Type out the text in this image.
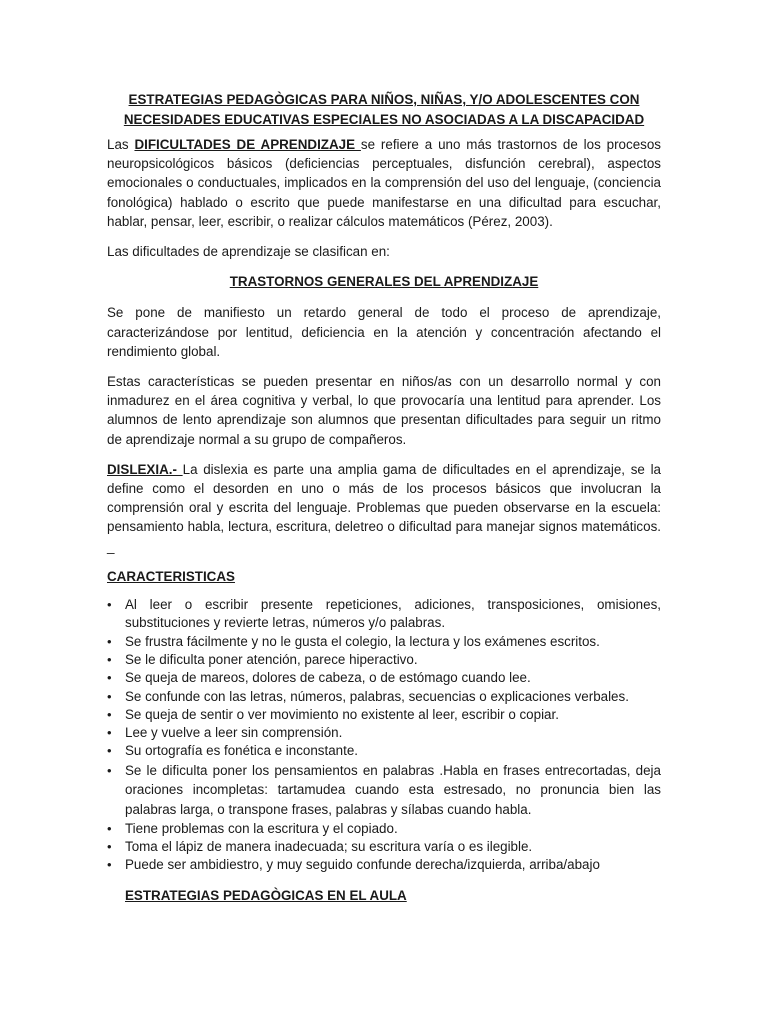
ESTRATEGIAS PEDAGÒGICAS PARA NIÑOS, NIÑAS, Y/O ADOLESCENTES CON
NECESIDADES EDUCATIVAS ESPECIALES NO ASOCIADAS A LA DISCAPACIDAD

Las DIFICULTADES DE APRENDIZAJE se refiere a uno más trastornos de los procesos neuropsicológicos básicos (deficiencias perceptuales, disfunción cerebral), aspectos emocionales o conductuales, implicados en la comprensión del uso del lenguaje, (conciencia fonológica) hablado o escrito que puede manifestarse en una dificultad para escuchar, hablar, pensar, leer, escribir, o realizar cálculos matemáticos (Pérez, 2003).

Las dificultades de aprendizaje se clasifican en:

TRASTORNOS GENERALES DEL APRENDIZAJE

Se pone de manifiesto un retardo general de todo el proceso de aprendizaje, caracterizándose por lentitud, deficiencia en la atención y concentración afectando el rendimiento global.

Estas características se pueden presentar en niños/as con un desarrollo normal y con inmadurez en el área cognitiva y verbal, lo que provocaría una lentitud para aprender. Los alumnos de lento aprendizaje son alumnos que presentan dificultades para seguir un ritmo de aprendizaje normal a su grupo de compañeros.

DISLEXIA.- La dislexia es parte una amplia gama de dificultades en el aprendizaje, se la define como el desorden en uno o más de los procesos básicos que involucran la comprensión oral y escrita del lenguaje. Problemas que pueden observarse en la escuela: pensamiento habla, lectura, escritura, deletreo o dificultad para manejar signos matemáticos. _

CARACTERISTICAS
•
Al leer o escribir presente repeticiones, adiciones, transposiciones, omisiones, substituciones y revierte letras, números y/o palabras.
•
Se frustra fácilmente y no le gusta el colegio, la lectura y los exámenes escritos.
•
Se le dificulta poner atención, parece hiperactivo.
•
Se queja de mareos, dolores de cabeza, o de estómago cuando lee.
•
Se confunde con las letras, números, palabras, secuencias o explicaciones verbales.
•
Se queja de sentir o ver movimiento no existente al leer, escribir o copiar.
•
Lee y vuelve a leer sin comprensión.
•
Su ortografía es fonética e inconstante.
•
Se le dificulta poner los pensamientos en palabras .Habla en frases entrecortadas, deja oraciones incompletas: tartamudea cuando esta estresado, no pronuncia bien las palabras larga, o transpone frases, palabras y sílabas cuando habla.
•
Tiene problemas con la escritura y el copiado.
•
Toma el lápiz de manera inadecuada; su escritura varía o es ilegible.
•
Puede ser ambidiestro, y muy seguido confunde derecha/izquierda, arriba/abajo
ESTRATEGIAS PEDAGÒGICAS EN EL AULA
